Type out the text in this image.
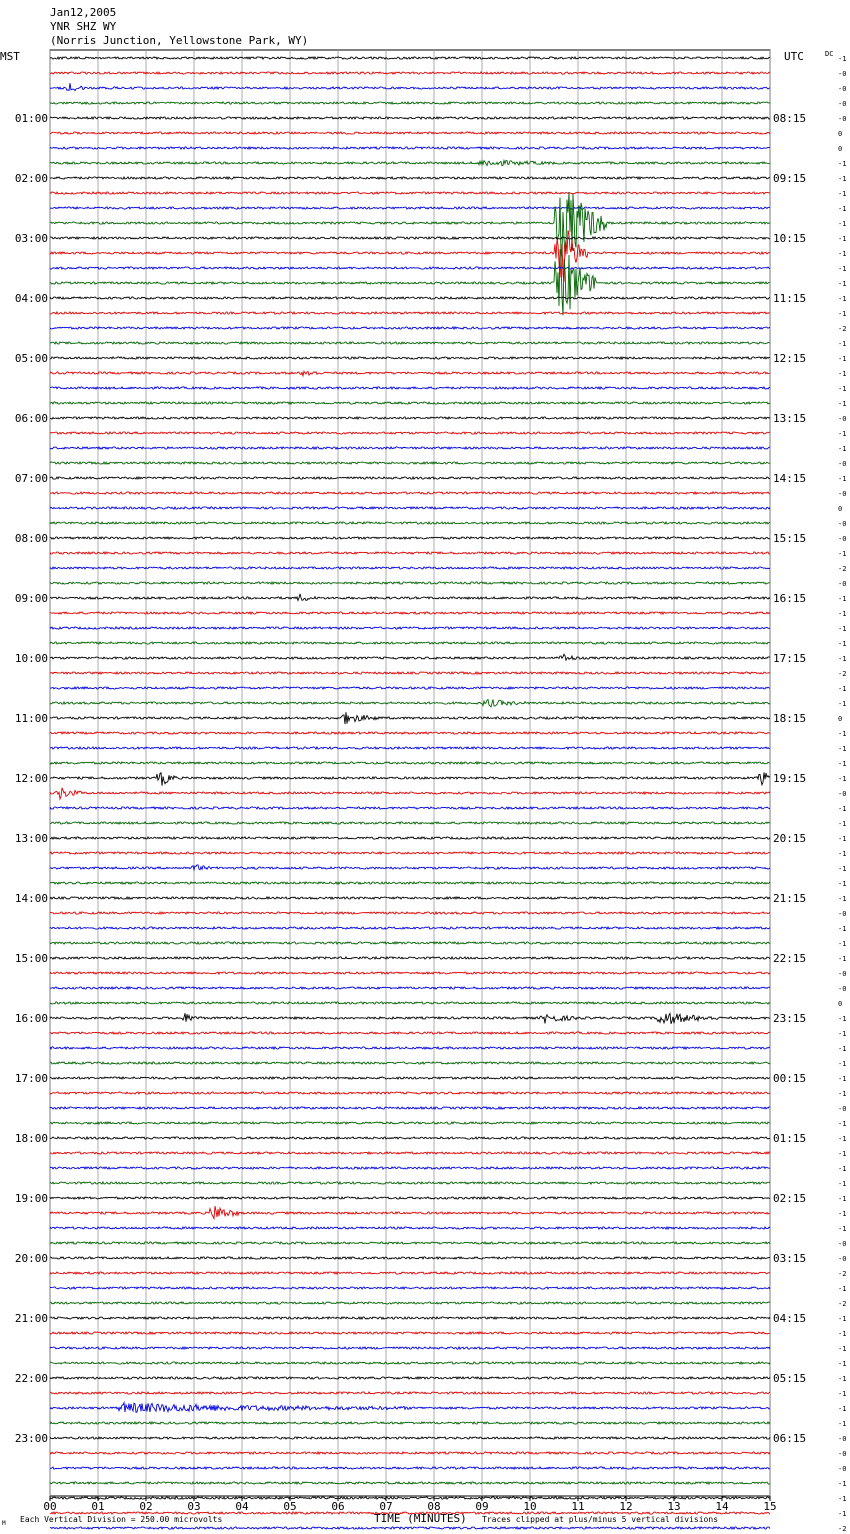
Jan12,2005
YNR SHZ WY
(Norris Junction, Yellowstone Park, WY)
MST	UTC	DC
M Each Vertical Division = 250.00 microvolts	TIME (MINUTES) Traces clipped at plus/minus 5 vertical divisions
00	01	02	03	04	05	06	07	08	09	10	11	12	13	14	15
-1
-0
-0
-0
-0
0
0
-1
-1
-1
-1
-1
-1
-1
-1
-1
-1
-1
-2
-1
-1
-1
-1
-1
-0
-1
-1
-0
-1
-0
0
-0
-0
-1
-2
-0
-1
-1
-1
-1
-1
-2
-1
-1
0
-1
-1
-1
-1
-0
-1
-1
-1
-1
-1
-1
-1
-0
-1
-1
-1
-0
-0
0
-1
-1
-1
-1
-1
-1
-0
-1
-1
-1
-1
-1
-1
-1
-1
-0
-0
-2
-1
-2
-1
-1
-1
-1
-1
-1
-1
-1
-0
-0
-0
-1
-1
-1
-2
01:00	08:15
02:00	09:15
03:00	10:15
04:00	11:15
05:00	12:15
06:00	13:15
07:00	14:15
08:00	15:15
09:00	16:15
10:00	17:15
11:00	18:15
12:00	19:15
13:00	20:15
14:00	21:15
15:00	22:15
16:00	23:15
17:00	00:15
18:00	01:15
19:00	02:15
20:00	03:15
21:00	04:15
22:00	05:15
23:00	06:15
